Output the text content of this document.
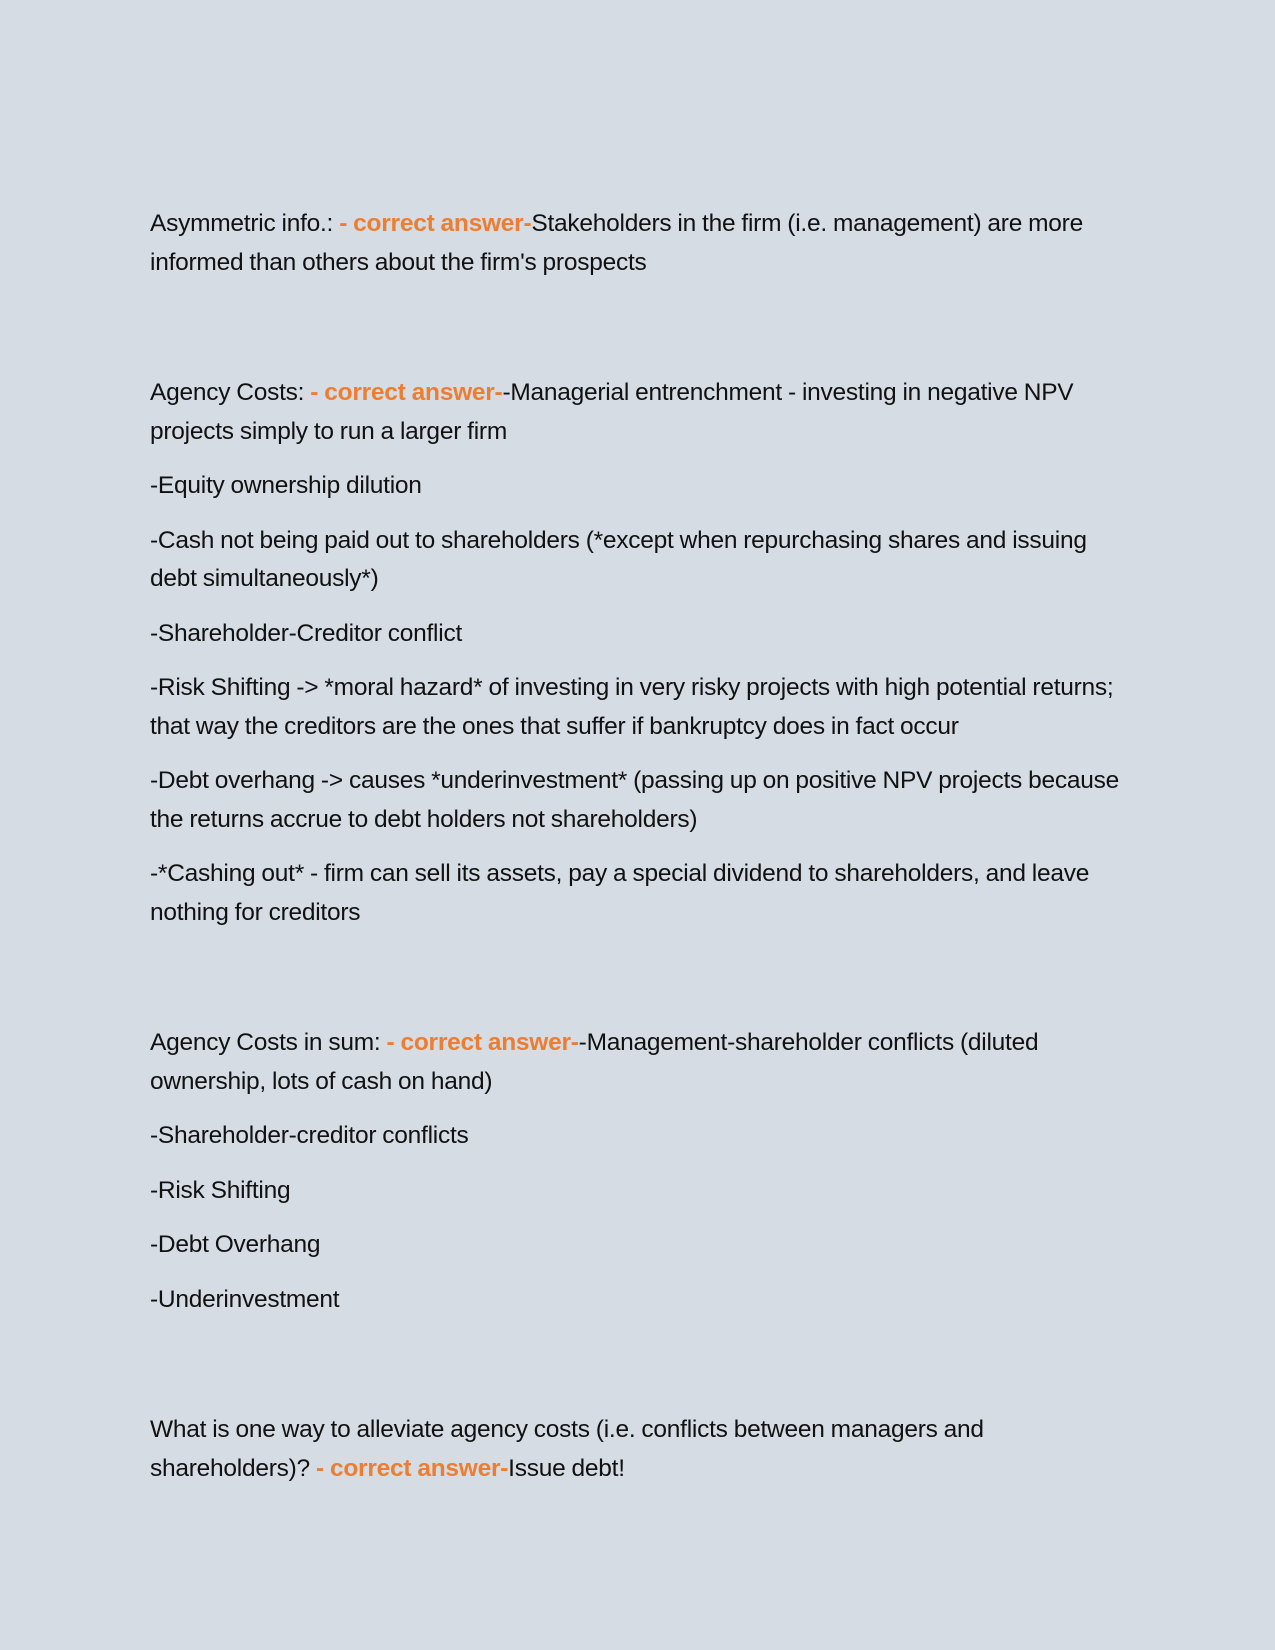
Asymmetric info.: - correct answer-Stakeholders in the firm (i.e. management) are more informed than others about the firm's prospects

Agency Costs: - correct answer--Managerial entrenchment - investing in negative NPV projects simply to run a larger firm

-Equity ownership dilution

-Cash not being paid out to shareholders (*except when repurchasing shares and issuing debt simultaneously*)

-Shareholder-Creditor conflict

-Risk Shifting -> *moral hazard* of investing in very risky projects with high potential returns; that way the creditors are the ones that suffer if bankruptcy does in fact occur

-Debt overhang -> causes *underinvestment* (passing up on positive NPV projects because the returns accrue to debt holders not shareholders)

-*Cashing out* - firm can sell its assets, pay a special dividend to shareholders, and leave nothing for creditors

Agency Costs in sum: - correct answer--Management-shareholder conflicts (diluted ownership, lots of cash on hand)

-Shareholder-creditor conflicts

-Risk Shifting

-Debt Overhang

-Underinvestment

What is one way to alleviate agency costs (i.e. conflicts between managers and shareholders)? - correct answer-Issue debt!
